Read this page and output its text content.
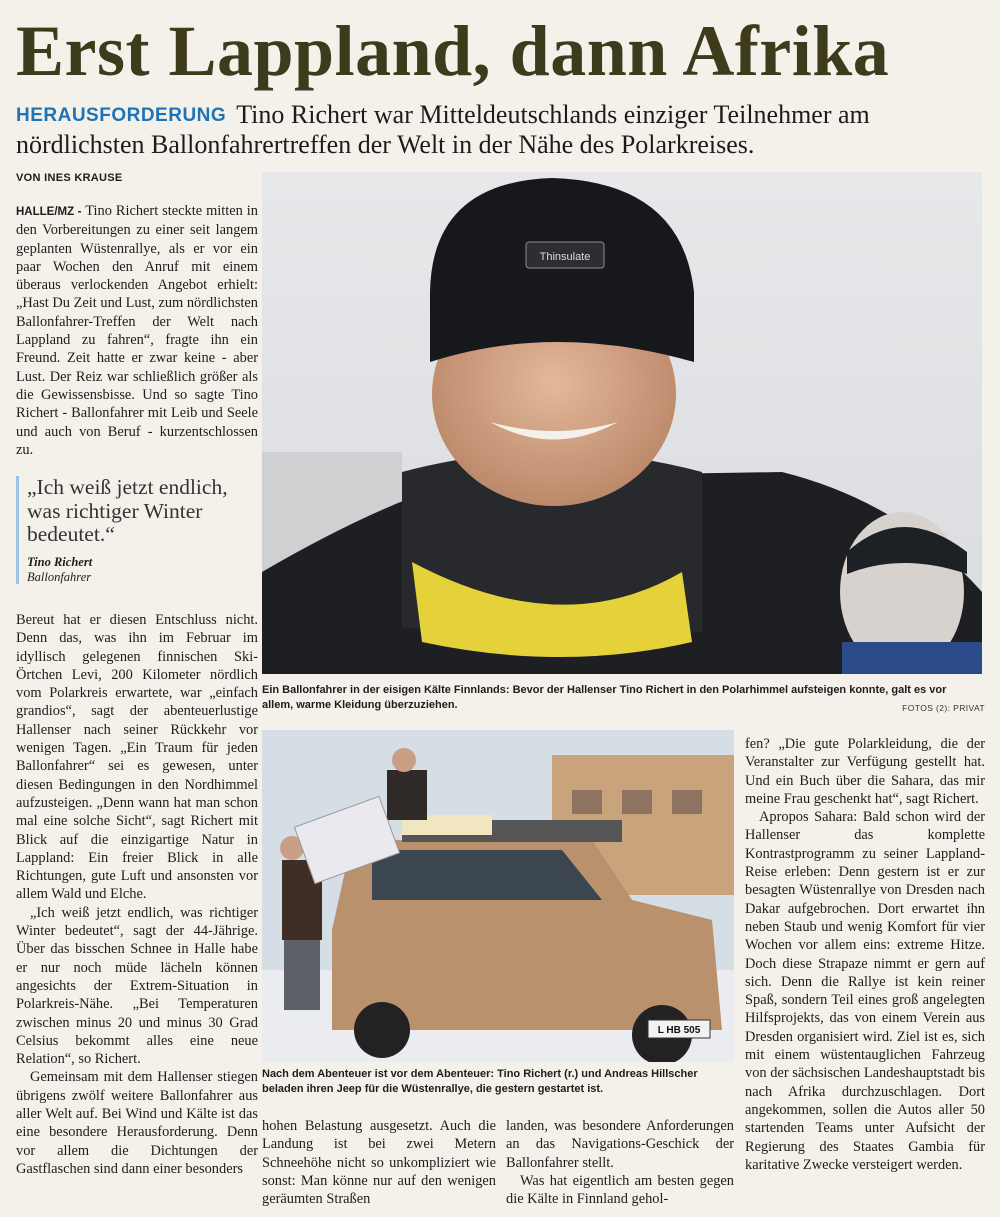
Erst Lappland, dann Afrika
HERAUSFORDERUNG Tino Richert war Mitteldeutschlands einziger Teilnehmer am nördlichsten Ballonfahrertreffen der Welt in der Nähe des Polarkreises.
VON INES KRAUSE

HALLE/MZ - Tino Richert steckte mitten in den Vorbereitungen zu einer seit langem geplanten Wüstenrallye, als er vor ein paar Wochen den Anruf mit einem überaus verlockenden Angebot erhielt: „Hast Du Zeit und Lust, zum nördlichsten Ballonfahrer-Treffen der Welt nach Lappland zu fahren“, fragte ihn ein Freund. Zeit hatte er zwar keine - aber Lust. Der Reiz war schließlich größer als die Gewissensbisse. Und so sagte Tino Richert - Ballonfahrer mit Leib und Seele und auch von Beruf - kurzentschlossen zu.

„Ich weiß jetzt endlich, was richtiger Winter bedeutet.“
Tino Richert
Ballonfahrer

Bereut hat er diesen Entschluss nicht. Denn das, was ihn im Februar im idyllisch gelegenen finnischen Ski-Örtchen Levi, 200 Kilometer nördlich vom Polarkreis erwartete, war „einfach grandios“, sagt der abenteuerlustige Hallenser nach seiner Rückkehr vor wenigen Tagen. „Ein Traum für jeden Ballonfahrer“ sei es gewesen, unter diesen Bedingungen in den Nordhimmel aufzusteigen. „Denn wann hat man schon mal eine solche Sicht“, sagt Richert mit Blick auf die einzigartige Natur in Lappland: Ein freier Blick in alle Richtungen, gute Luft und ansonsten vor allem Wald und Elche.

„Ich weiß jetzt endlich, was richtiger Winter bedeutet“, sagt der 44-Jährige. Über das bisschen Schnee in Halle habe er nur noch müde lächeln können angesichts der Extrem-Situation in Polarkreis-Nähe. „Bei Temperaturen zwischen minus 20 und minus 30 Grad Celsius bekommt alles eine neue Relation“, so Richert.

Gemeinsam mit dem Hallenser stiegen übrigens zwölf weitere Ballonfahrer aus aller Welt auf. Bei Wind und Kälte ist das eine besondere Herausforderung. Denn vor allem die Dichtungen der Gastflaschen sind dann einer besonders

Thinsulate
Ein Ballonfahrer in der eisigen Kälte Finnlands: Bevor der Hallenser Tino Richert in den Polarhimmel aufsteigen konnte, galt es vor allem, warme Kleidung überzuziehen.	FOTOS (2): PRIVAT
L HB 505
Nach dem Abenteuer ist vor dem Abenteuer: Tino Richert (r.) und Andreas Hillscher beladen ihren Jeep für die Wüstenrallye, die gestern gestartet ist.

hohen Belastung ausgesetzt. Auch die Landung ist bei zwei Metern Schneehöhe nicht so unkompliziert wie sonst: Man könne nur auf den wenigen geräumten Straßen

landen, was besondere Anforderungen an das Navigations-Geschick der Ballonfahrer stellt.

Was hat eigentlich am besten gegen die Kälte in Finnland gehol-

fen? „Die gute Polarkleidung, die der Veranstalter zur Verfügung gestellt hat. Und ein Buch über die Sahara, das mir meine Frau geschenkt hat“, sagt Richert.

Apropos Sahara: Bald schon wird der Hallenser das komplette Kontrastprogramm zu seiner Lappland-Reise erleben: Denn gestern ist er zur besagten Wüstenrallye von Dresden nach Dakar aufgebrochen. Dort erwartet ihn neben Staub und wenig Komfort für vier Wochen vor allem eins: extreme Hitze. Doch diese Strapaze nimmt er gern auf sich. Denn die Rallye ist kein reiner Spaß, sondern Teil eines groß angelegten Hilfsprojekts, das von einem Verein aus Dresden organisiert wird. Ziel ist es, sich mit einem wüstentauglichen Fahrzeug von der sächsischen Landeshauptstadt bis nach Afrika durchzuschlagen. Dort angekommen, sollen die Autos aller 50 startenden Teams unter Aufsicht der Regierung des Staates Gambia für karitative Zwecke versteigert werden.
